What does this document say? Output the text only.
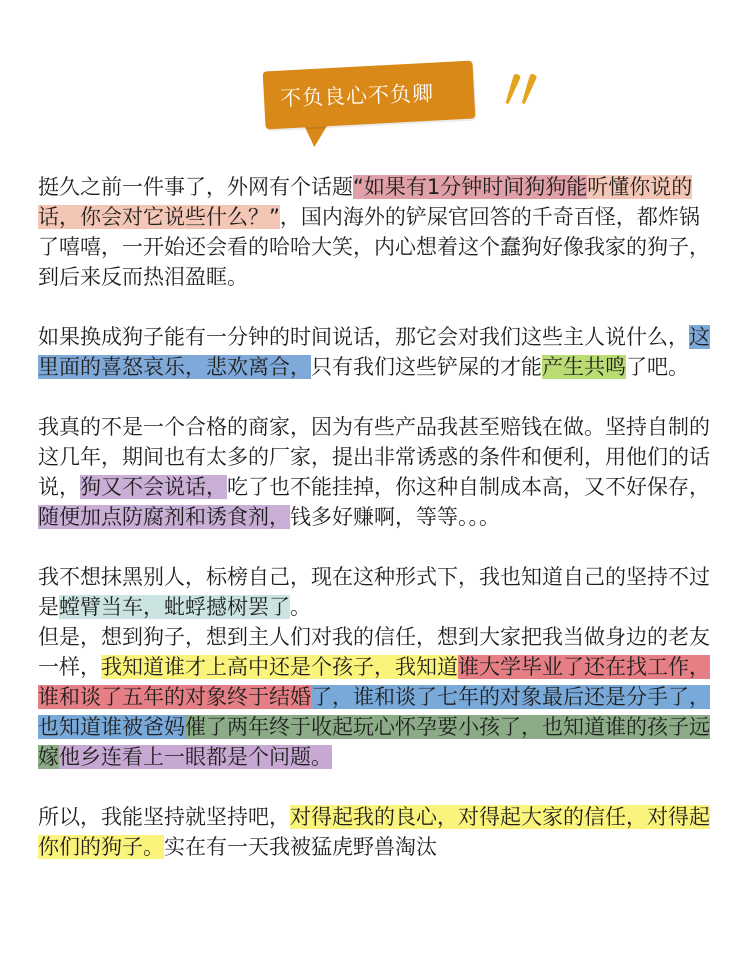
不负良心不负卿 〃

挺久之前一件事了，外网有个话题“如果有1分钟时间狗狗能听懂你说的话，你会对它说些什么？”，国内海外的铲屎官回答的千奇百怪，都炸锅了嘻嘻，一开始还会看的哈哈大笑，内心想着这个蠢狗好像我家的狗子，到后来反而热泪盈眶。

如果换成狗子能有一分钟的时间说话，那它会对我们这些主人说什么，这里面的喜怒哀乐，悲欢离合，只有我们这些铲屎的才能产生共鸣了吧。

我真的不是一个合格的商家，因为有些产品我甚至赔钱在做。坚持自制的这几年，期间也有太多的厂家，提出非常诱惑的条件和便利，用他们的话说，狗又不会说话，吃了也不能挂掉，你这种自制成本高，又不好保存，随便加点防腐剂和诱食剂，钱多好赚啊，等等。。。

我不想抹黑别人，标榜自己，现在这种形式下，我也知道自己的坚持不过是螳臂当车，蚍蜉撼树罢了。

但是，想到狗子，想到主人们对我的信任，想到大家把我当做身边的老友一样，我知道谁才上高中还是个孩子，我知道谁大学毕业了还在找工作，谁和谈了五年的对象终于结婚了，谁和谈了七年的对象最后还是分手了，也知道谁被爸妈催了两年终于收起玩心怀孕要小孩了，也知道谁的孩子远嫁他乡连看上一眼都是个问题。

所以，我能坚持就坚持吧，对得起我的良心，对得起大家的信任，对得起你们的狗子。实在有一天我被猛虎野兽淘汰
